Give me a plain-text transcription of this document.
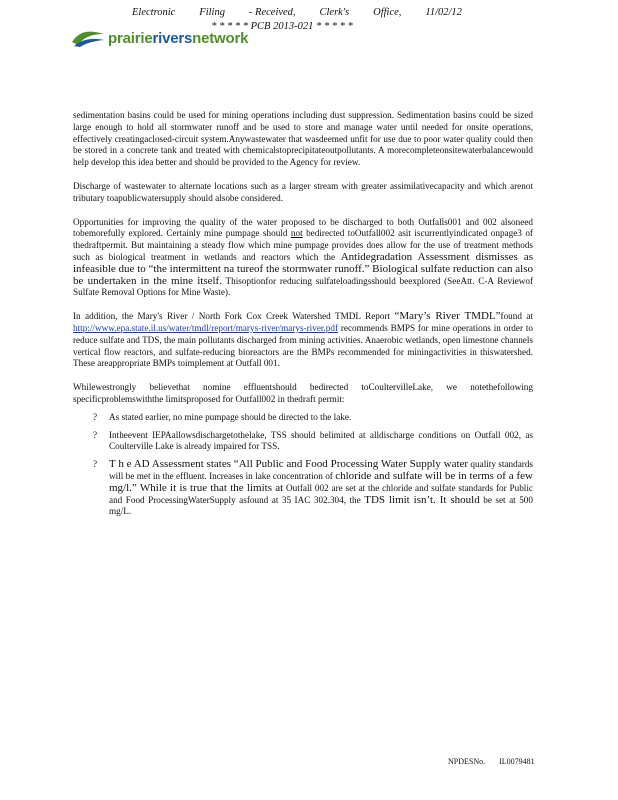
Electronic Filing - Received, Clerk's Office, 11/02/12
* * * * * PCB 2013-021 * * * * *
prairieriversnetwork

sedimentation basins could be used for mining operations including dust suppression. Sedimentation basins could be sized large enough to hold all stormwater runoff and be used to store and manage water until needed for onsite operations, effectively creatingaclosed-circuit system.Anywastewater that wasdeemed unfit for use due to poor water quality could then be stored in a concrete tank and treated with chemicalstoprecipitateoutpollutants. A morecompleteonsitewaterbalancewould help develop this idea better and should be provided to the Agency for review.

Discharge of wastewater to alternate locations such as a larger stream with greater assimilativecapacity and which arenot tributary toapublicwatersupply should alsobe considered.

Opportunities for improving the quality of the water proposed to be discharged to both Outfalls001 and 002 alsoneed tobemorefully explored. Certainly mine pumpage should not bedirected toOutfall002 asit iscurrentlyindicated onpage3 of thedraftpermit. But maintaining a steady flow which mine pumpage provides does allow for the use of treatment methods such as biological treatment in wetlands and reactors which the Antidegradation Assessment dismisses as infeasible due to “the intermittent na tureof the stormwater runoff.” Biological sulfate reduction can also be undertaken in the mine itself. Thisoptionfor reducing sulfateloadingsshould beexplored (SeeAtt. C-A Reviewof Sulfate Removal Options for Mine Waste).

In addition, the Mary's River / North Fork Cox Creek Watershed TMDL Report “Mary’s River TMDL”found at http://www.epa.state.il.us/water/tmdl/report/marys-river/marys-river.pdf recommends BMPS for mine operations in order to reduce sulfate and TDS, the main pollutants discharged from mining activities. Anaerobic wetlands, open limestone channels vertical flow reactors, and sulfate-reducing bioreactors are the BMPs recommended for miningactivities in thiswatershed. These areappropriate BMPs toimplement at Outfall 001.

Whilewestrongly believethat nomine effluentshould bedirected toCoultervilleLake, we notethefollowing specificproblemswiththe limitsproposed for Outfall002 in thedraft permit:

? As stated earlier, no mine pumpage should be directed to the lake.
? Intheevent IEPAallowsdischargetothelake, TSS should belimited at alldischarge conditions on Outfall 002, as Coulterville Lake is already impaired for TSS.
? T h e AD Assessment states “All Public and Food Processing Water Supply water quality standards will be met in the effluent. Increases in lake concentration of chloride and sulfate will be in terms of a few mg/l.” While it is true that the limits at Outfall 002 are set at the chloride and sulfate standards for Public and Food ProcessingWaterSupply asfound at 35 IAC 302.304, the TDS limit isn’t. It should be set at 500 mg/L.
NPDESNo. IL0079481
